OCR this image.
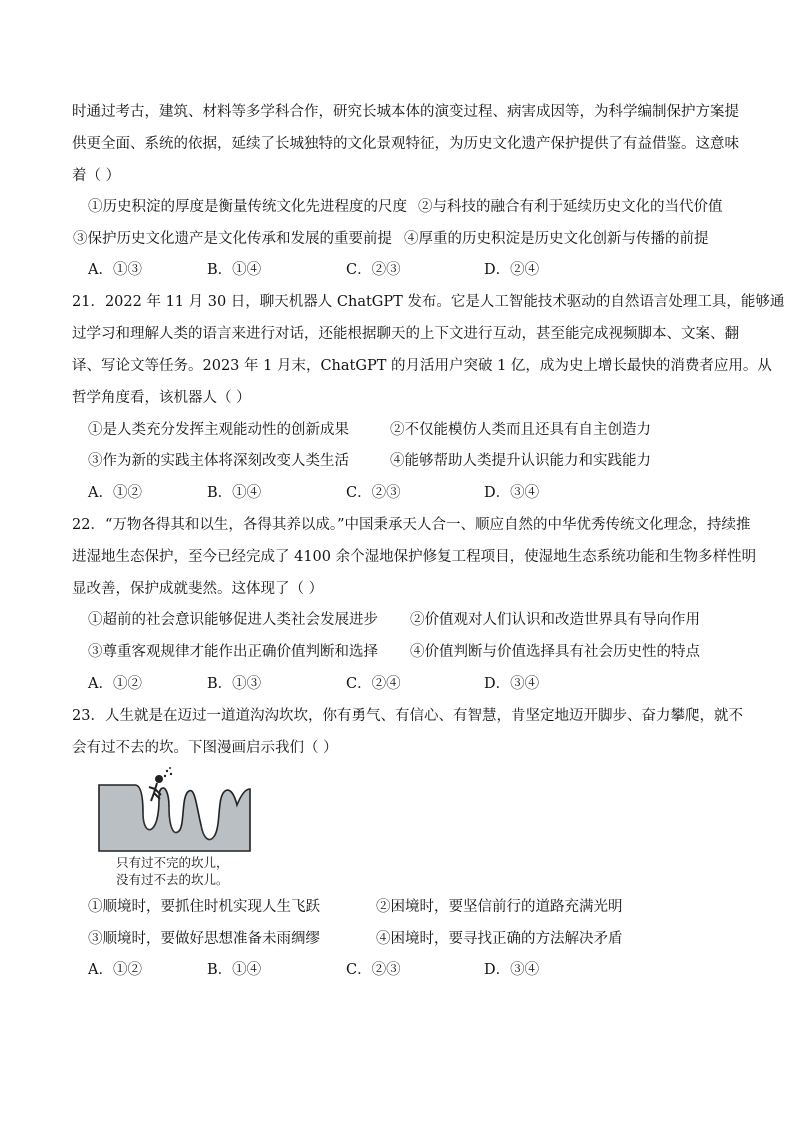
时通过考古，建筑、材料等多学科合作，研究长城本体的演变过程、病害成因等，为科学编制保护方案提
供更全面、系统的依据，延续了长城独特的文化景观特征，为历史文化遗产保护提供了有益借鉴。这意味
着（ ）
①历史积淀的厚度是衡量传统文化先进程度的尺度 ②与科技的融合有利于延续历史文化的当代价值
③保护历史文化遗产是文化传承和发展的重要前提 ④厚重的历史积淀是历史文化创新与传播的前提
A．①③	B．①④	C．②③	D．②④
21．2022 年 11 月 30 日，聊天机器人 ChatGPT 发布。它是人工智能技术驱动的自然语言处理工具，能够通
过学习和理解人类的语言来进行对话，还能根据聊天的上下文进行互动，甚至能完成视频脚本、文案、翻
译、写论文等任务。2023 年 1 月末，ChatGPT 的月活用户突破 1 亿，成为史上增长最快的消费者应用。从
哲学角度看，该机器人（ ）
①是人类充分发挥主观能动性的创新成果	②不仅能模仿人类而且还具有自主创造力
③作为新的实践主体将深刻改变人类生活	④能够帮助人类提升认识能力和实践能力
A．①②	B．①④	C．②③	D．③④
22．“万物各得其和以生，各得其养以成。”中国秉承天人合一、顺应自然的中华优秀传统文化理念，持续推
进湿地生态保护，至今已经完成了 4100 余个湿地保护修复工程项目，使湿地生态系统功能和生物多样性明
显改善，保护成就斐然。这体现了（ ）
①超前的社会意识能够促进人类社会发展进步 ②价值观对人们认识和改造世界具有导向作用
③尊重客观规律才能作出正确价值判断和选择 ④价值判断与价值选择具有社会历史性的特点
A．①②	B．①③	C．②④	D．③④
23．人生就是在迈过一道道沟沟坎坎，你有勇气、有信心、有智慧，肯坚定地迈开脚步、奋力攀爬，就不
会有过不去的坎。下图漫画启示我们（ ）
只有过不完的坎儿，
没有过不去的坎儿。
①顺境时，要抓住时机实现人生飞跃	②困境时，要坚信前行的道路充满光明
③顺境时，要做好思想准备未雨绸缪	④困境时，要寻找正确的方法解决矛盾
A．①②	B．①④	C．②③	D．③④
